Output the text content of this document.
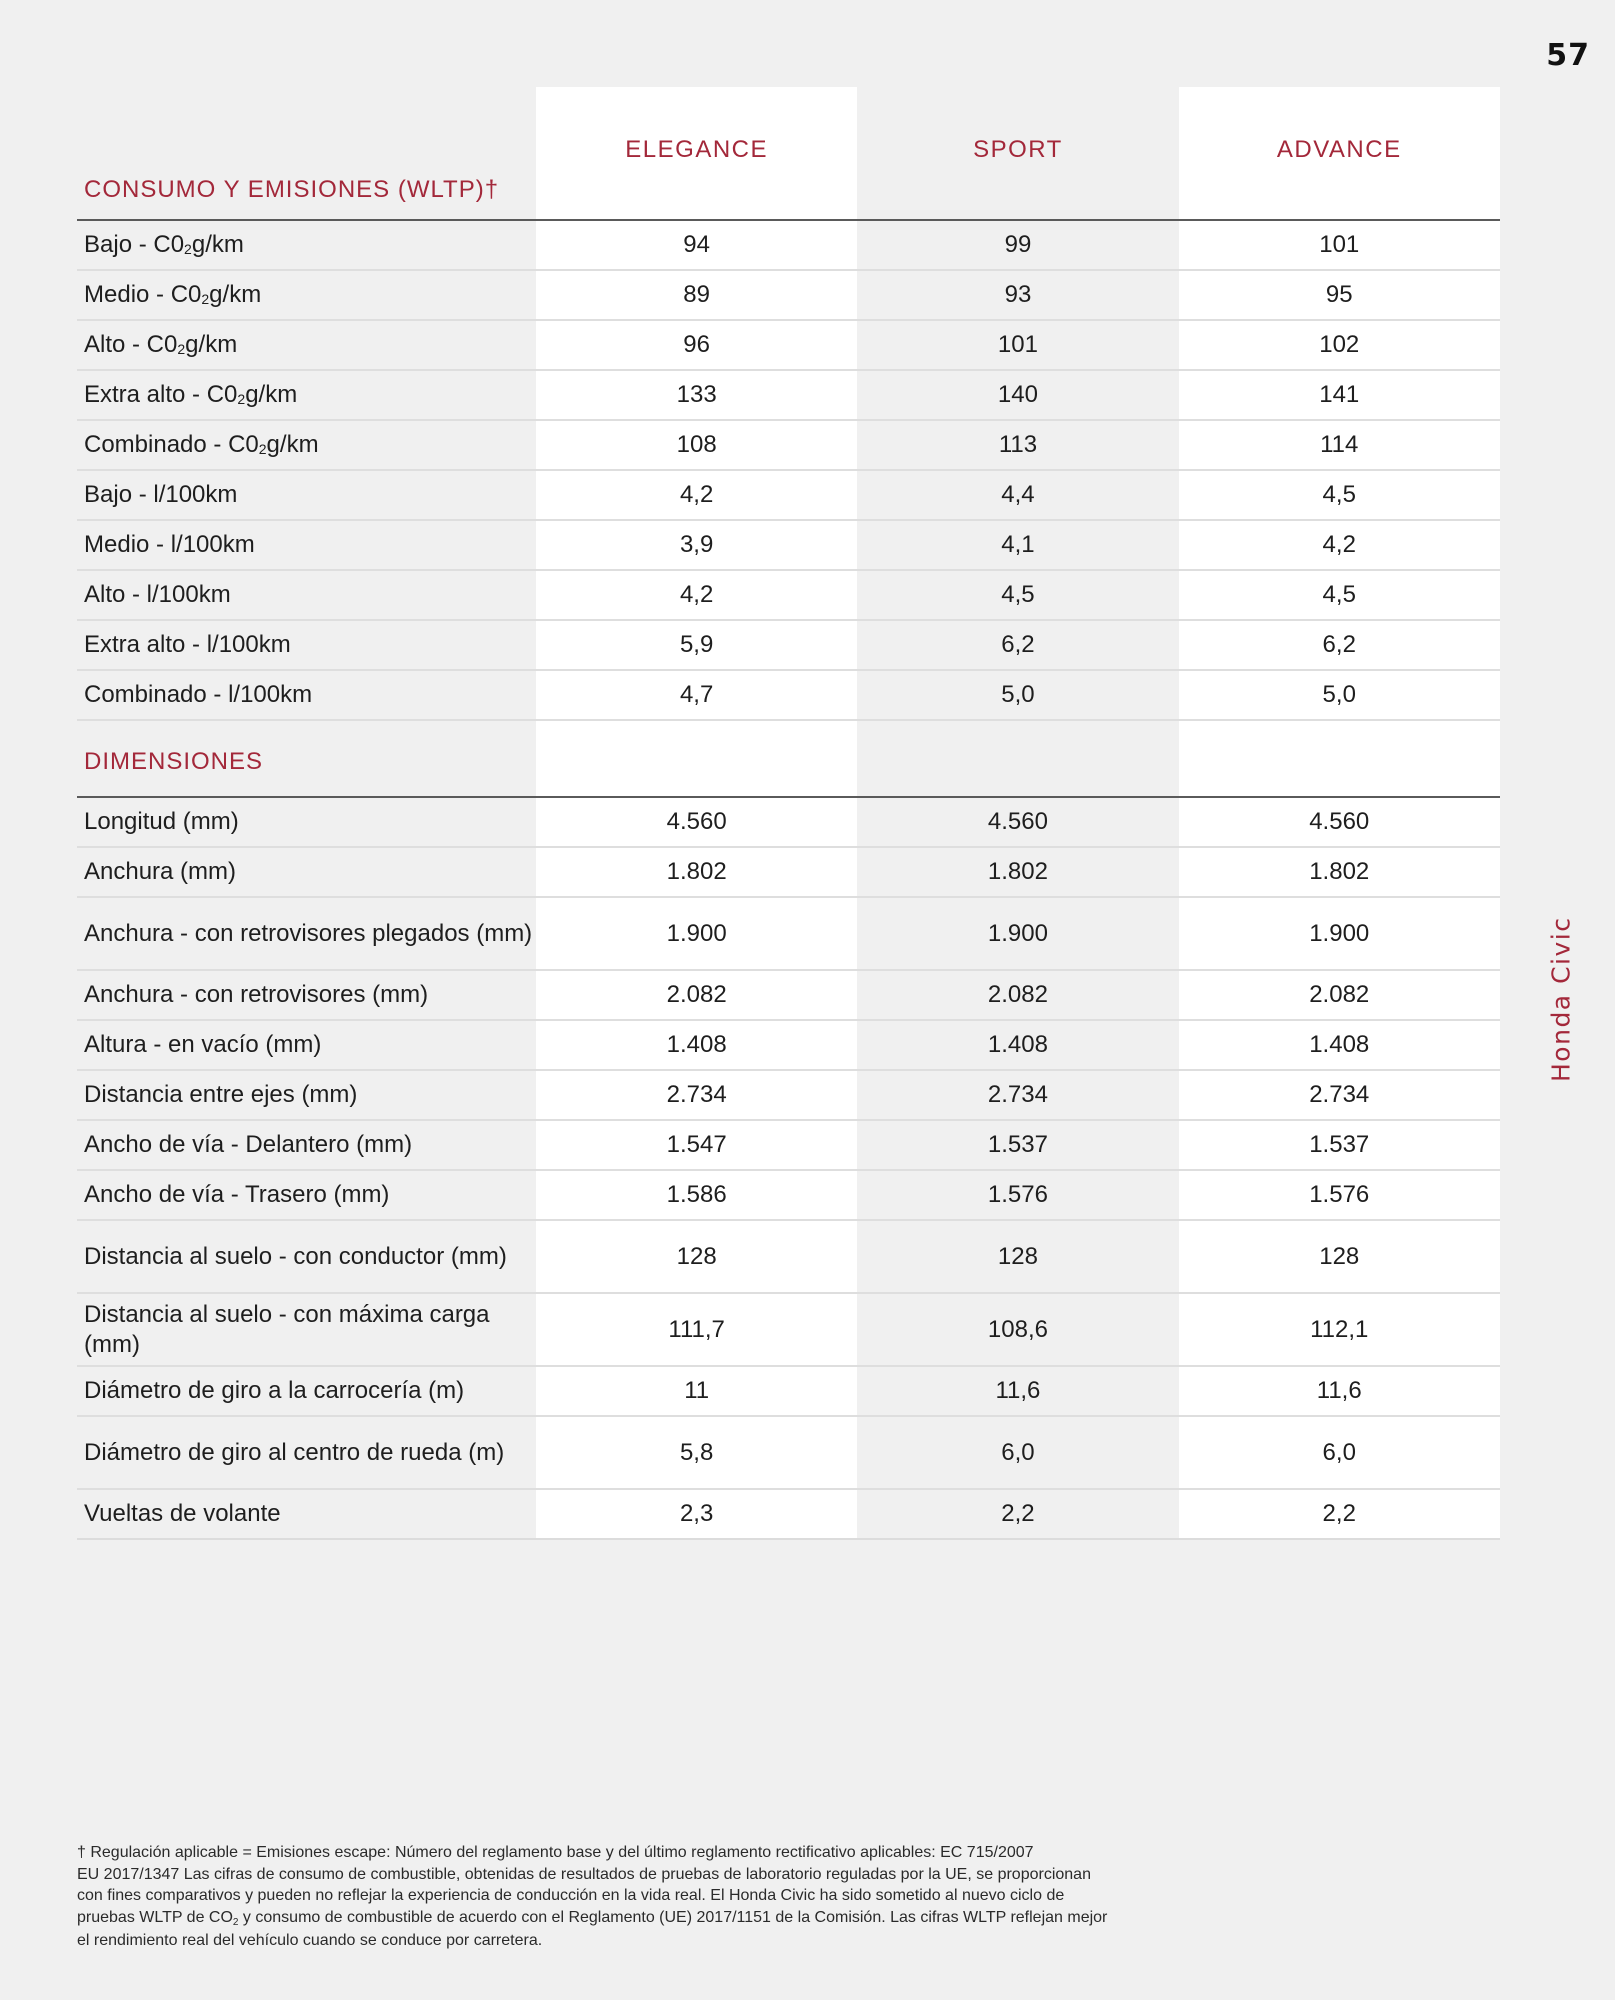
57
Honda Civic
CONSUMO Y EMISIONES (WLTP)†
ELEGANCE	SPORT	ADVANCE
Bajo - $C0_2$ g/km	94	99	101
Medio - $C0_2$ g/km	89	93	95
Alto - $C0_2$ g/km	96	101	102
Extra alto - $C0_2$ g/km	133	140	141
Combinado - $C0_2$ g/km	108	113	114
Bajo - l/100km	4,2	4,4	4,5
Medio - l/100km	3,9	4,1	4,2
Alto - l/100km	4,2	4,5	4,5
Extra alto - l/100km	5,9	6,2	6,2
Combinado - l/100km	4,7	5,0	5,0
DIMENSIONES
Longitud (mm)	4.560	4.560	4.560
Anchura (mm)	1.802	1.802	1.802
Anchura - con retrovisores plegados (mm)	1.900	1.900	1.900
Anchura - con retrovisores (mm)	2.082	2.082	2.082
Altura - en vacío (mm)	1.408	1.408	1.408
Distancia entre ejes (mm)	2.734	2.734	2.734
Ancho de vía - Delantero (mm)	1.547	1.537	1.537
Ancho de vía - Trasero (mm)	1.586	1.576	1.576
Distancia al suelo - con conductor (mm)	128	128	128
Distancia al suelo - con máxima carga (mm)
111,7	108,6	112,1
Diámetro de giro a la carrocería (m)	11	11,6	11,6
Diámetro de giro al centro de rueda (m)	5,8	6,0	6,0
Vueltas de volante	2,3	2,2	2,2

† Regulación aplicable = Emisiones escape: Número del reglamento base y del último reglamento rectificativo aplicables: EC 715/2007

EU 2017/1347 Las cifras de consumo de combustible, obtenidas de resultados de pruebas de laboratorio reguladas por la UE, se proporcionan

con fines comparativos y pueden no reflejar la experiencia de conducción en la vida real. El Honda Civic ha sido sometido al nuevo ciclo de

pruebas WLTP de $CO_2$ y consumo de combustible de acuerdo con el Reglamento (UE) 2017/1151 de la Comisión. Las cifras WLTP reflejan mejor

el rendimiento real del vehículo cuando se conduce por carretera.
